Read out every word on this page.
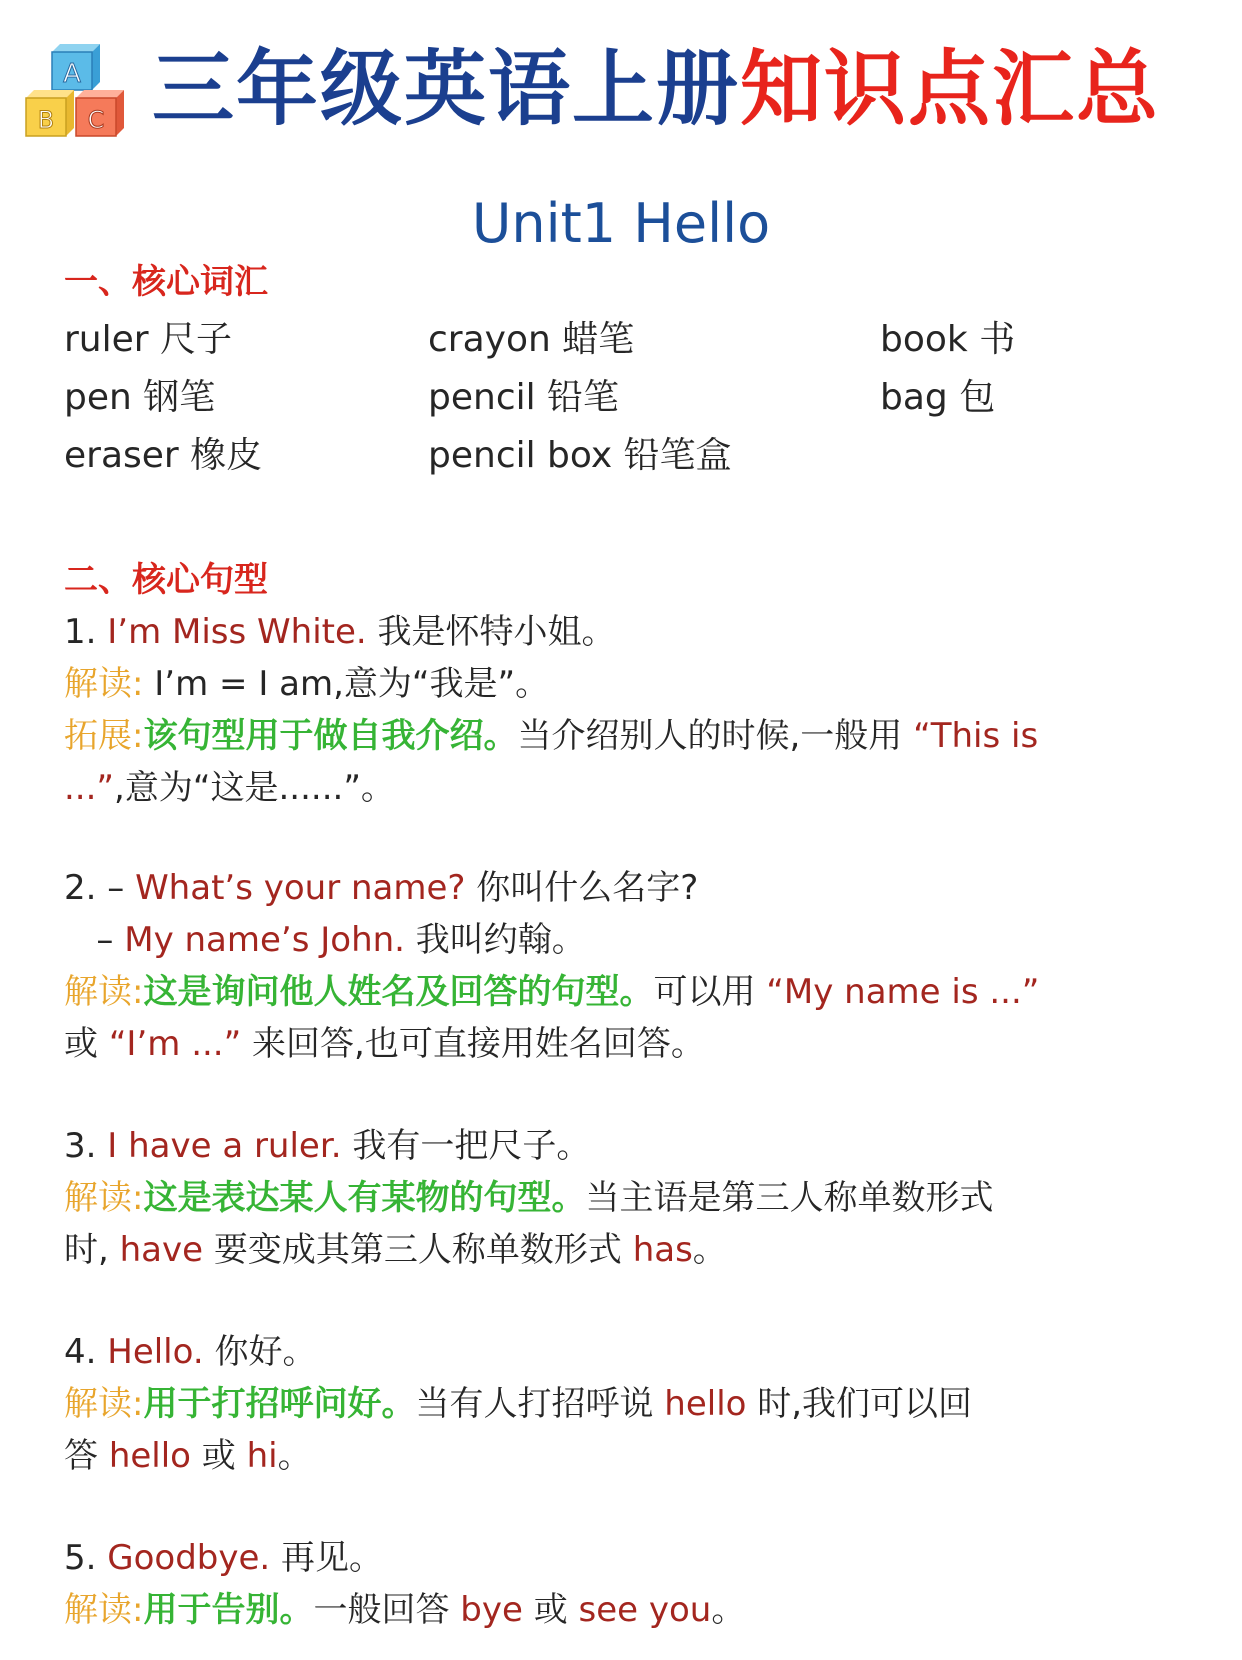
A
B C 三年级英语上册知识点汇总
Unit1 Hello
一、核心词汇
ruler 尺子
pen 钢笔
eraser 橡皮
crayon 蜡笔
pencil 铅笔
pencil box 铅笔盒
book 书
bag 包
二、核心句型
1. I’m Miss White. 我是怀特小姐。
解读: I’m = I am,意为“我是”。
拓展:该句型用于做自我介绍。当介绍别人的时候,一般用 “This is
...”,意为“这是......”。
2. – What’s your name? 你叫什么名字?
– My name’s John. 我叫约翰。
解读:这是询问他人姓名及回答的句型。可以用 “My name is ...”
或 “I’m ...” 来回答,也可直接用姓名回答。
3. I have a ruler. 我有一把尺子。
解读:这是表达某人有某物的句型。当主语是第三人称单数形式
时, have 要变成其第三人称单数形式 has。
4. Hello. 你好。
解读:用于打招呼问好。当有人打招呼说 hello 时,我们可以回
答 hello 或 hi。
5. Goodbye. 再见。
解读:用于告别。一般回答 bye 或 see you。
